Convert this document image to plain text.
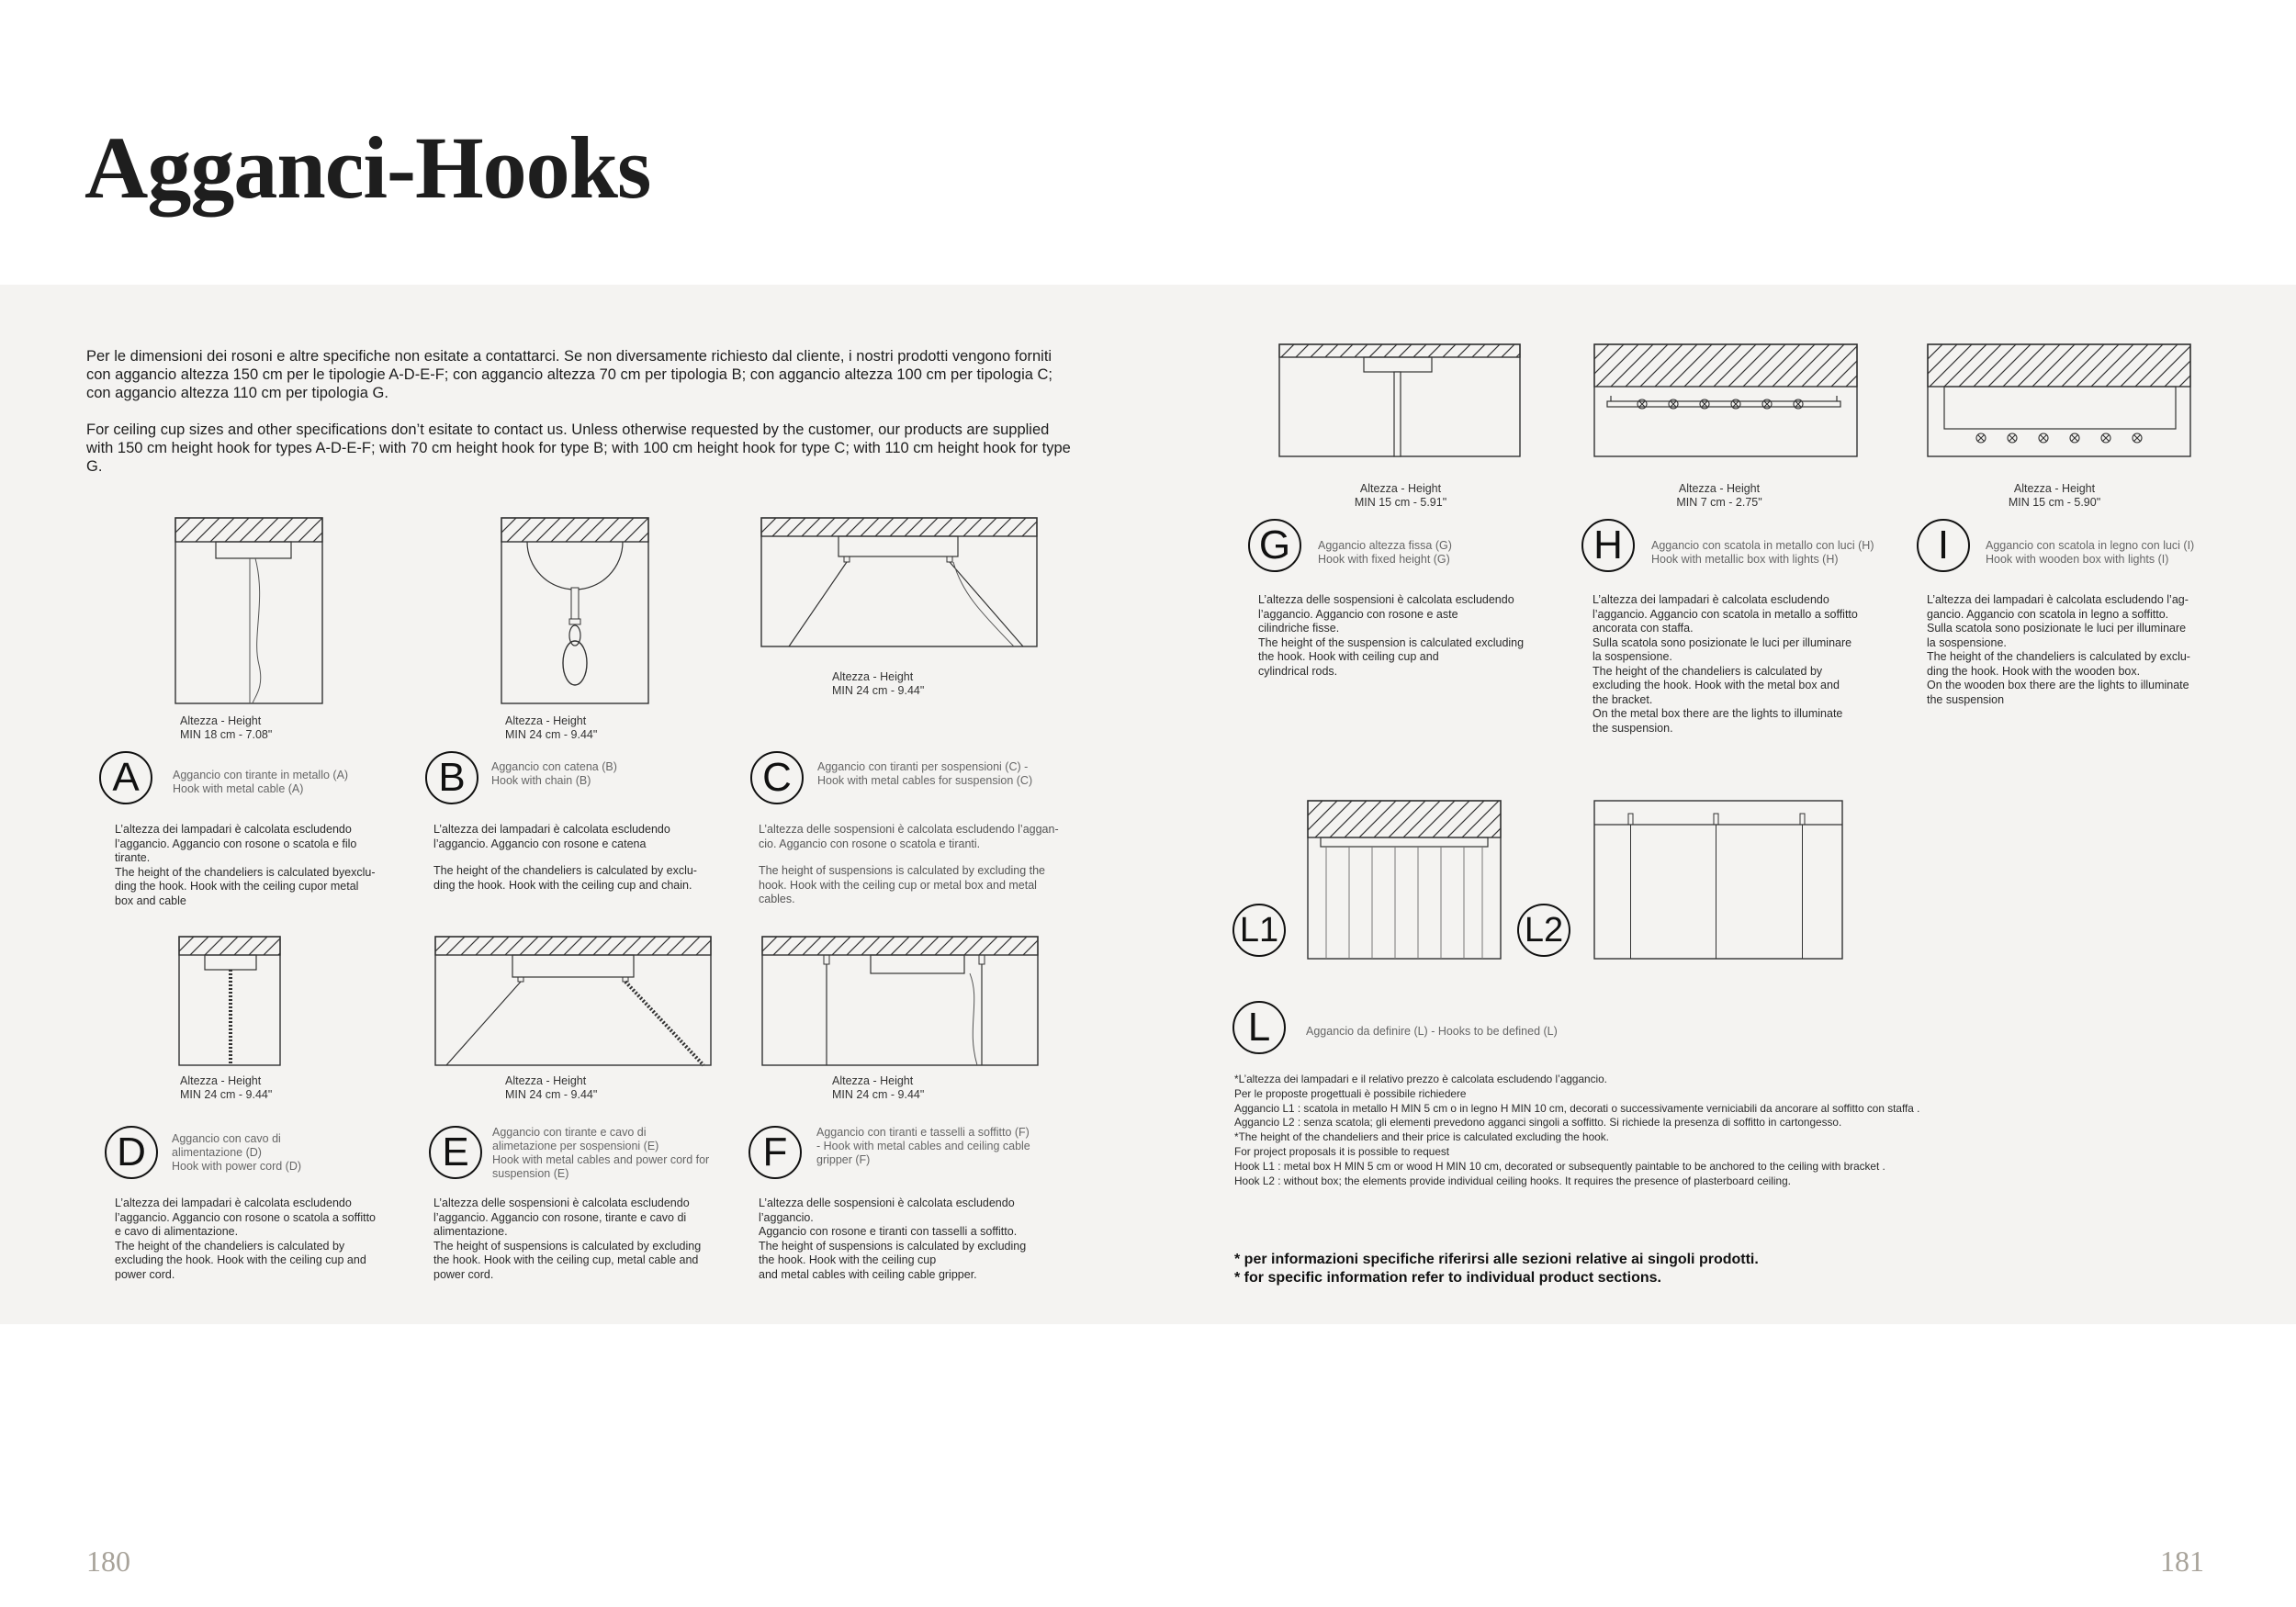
Agganci-Hooks
Per le dimensioni dei rosoni e altre specifiche non esitate a contattarci. Se non diversamente richiesto dal cliente, i nostri prodotti vengono forniti con aggancio altezza 150 cm per le tipologie A-D-E-F; con aggancio altezza 70 cm per tipologia B; con aggancio altezza 100 cm per tipologia C; con aggancio altezza 110 cm per tipologia G.
For ceiling cup sizes and other specifications don’t esitate to contact us. Unless otherwise requested by the customer, our products are supplied with 150 cm height hook for types A-D-E-F; with 70 cm height hook for type B; with 100 cm height hook for type C; with 110 cm height hook for type G.
Altezza - Height
MIN 18 cm - 7.08"
A	Aggancio con tirante in metallo (A)
Hook with metal cable (A)
L’altezza dei lampadari è calcolata escludendo
l’aggancio. Aggancio con rosone o scatola e filo
tirante.
The height of the chandeliers is calculated byexclu-
ding the hook. Hook with the ceiling cupor metal
box and cable
Altezza - Height
MIN 24 cm - 9.44"
B	Aggancio con catena (B)
Hook with chain (B)
L’altezza dei lampadari è calcolata escludendo
l’aggancio. Aggancio con rosone e catena
The height of the chandeliers is calculated by exclu-
ding the hook. Hook with the ceiling cup and chain.
Altezza - Height
MIN 24 cm - 9.44"
C	Aggancio con tiranti per sospensioni (C) -
Hook with metal cables for suspension (C)
L’altezza delle sospensioni è calcolata escludendo l’aggan-
cio. Aggancio con rosone o scatola e tiranti.
The height of suspensions is calculated by excluding the
hook. Hook with the ceiling cup or metal box and metal
cables.
Altezza - Height
MIN 24 cm - 9.44"
D	Aggancio con cavo di
alimentazione (D)
Hook with power cord (D)
L’altezza dei lampadari è calcolata escludendo
l’aggancio. Aggancio con rosone o scatola a soffitto
e cavo di alimentazione.
The height of the chandeliers is calculated by
excluding the hook. Hook with the ceiling cup and
power cord.
Altezza - Height
MIN 24 cm - 9.44"
E	Aggancio con tirante e cavo di
alimetazione per sospensioni (E)
Hook with metal cables and power cord for
suspension (E)
L’altezza delle sospensioni è calcolata escludendo
l’aggancio. Aggancio con rosone, tirante e cavo di
alimentazione.
The height of suspensions is calculated by excluding
the hook. Hook with the ceiling cup, metal cable and
power cord.
Altezza - Height
MIN 24 cm - 9.44"
F	Aggancio con tiranti e tasselli a soffitto (F)
- Hook with metal cables and ceiling cable
gripper (F)
L’altezza delle sospensioni è calcolata escludendo
l’aggancio.
Aggancio con rosone e tiranti con tasselli a soffitto.
The height of suspensions is calculated by excluding
the hook. Hook with the ceiling cup
and metal cables with ceiling cable gripper.
Altezza - Height
MIN 15 cm - 5.91"
G	Aggancio altezza fissa (G)
Hook with fixed height (G)
L’altezza delle sospensioni è calcolata escludendo
l’aggancio. Aggancio con rosone e aste
cilindriche fisse.
The height of the suspension is calculated excluding
the hook. Hook with ceiling cup and
cylindrical rods.
Altezza - Height
MIN 7 cm - 2.75"
H	Aggancio con scatola in metallo con luci (H)
Hook with metallic box with lights (H)
L’altezza dei lampadari è calcolata escludendo
l’aggancio. Aggancio con scatola in metallo a soffitto
ancorata con staffa.
Sulla scatola sono posizionate le luci per illuminare
la sospensione.
The height of the chandeliers is calculated by
excluding the hook. Hook with the metal box and
the bracket.
On the metal box there are the lights to illuminate
the suspension.
Altezza - Height
MIN 15 cm - 5.90"
I	Aggancio con scatola in legno con luci (I)
Hook with wooden box with lights (I)
L’altezza dei lampadari è calcolata escludendo l’ag-
gancio. Aggancio con scatola in legno a soffitto.
Sulla scatola sono posizionate le luci per illuminare
la sospensione.
The height of the chandeliers is calculated by exclu-
ding the hook. Hook with the wooden box.
On the wooden box there are the lights to illuminate
the suspension
L1	L2
L	Aggancio da definire (L) - Hooks to be defined (L)
*L’altezza dei lampadari e il relativo prezzo è calcolata escludendo l’aggancio.
Per le proposte progettuali è possibile richiedere
Aggancio L1 : scatola in metallo H MIN 5 cm o in legno H MIN 10 cm, decorati o successivamente verniciabili da ancorare al soffitto con staffa .
Aggancio L2 : senza scatola; gli elementi prevedono agganci singoli a soffitto. Si richiede la presenza di soffitto in cartongesso.
*The height of the chandeliers and their price is calculated excluding the hook.
For project proposals it is possible to request
Hook L1 : metal box H MIN 5 cm or wood H MIN 10 cm, decorated or subsequently paintable to be anchored to the ceiling with bracket .
Hook L2 : without box; the elements provide individual ceiling hooks. It requires the presence of plasterboard ceiling.
* per informazioni specifiche riferirsi alle sezioni relative ai singoli prodotti.
* for specific information refer to individual product sections.
180	181
